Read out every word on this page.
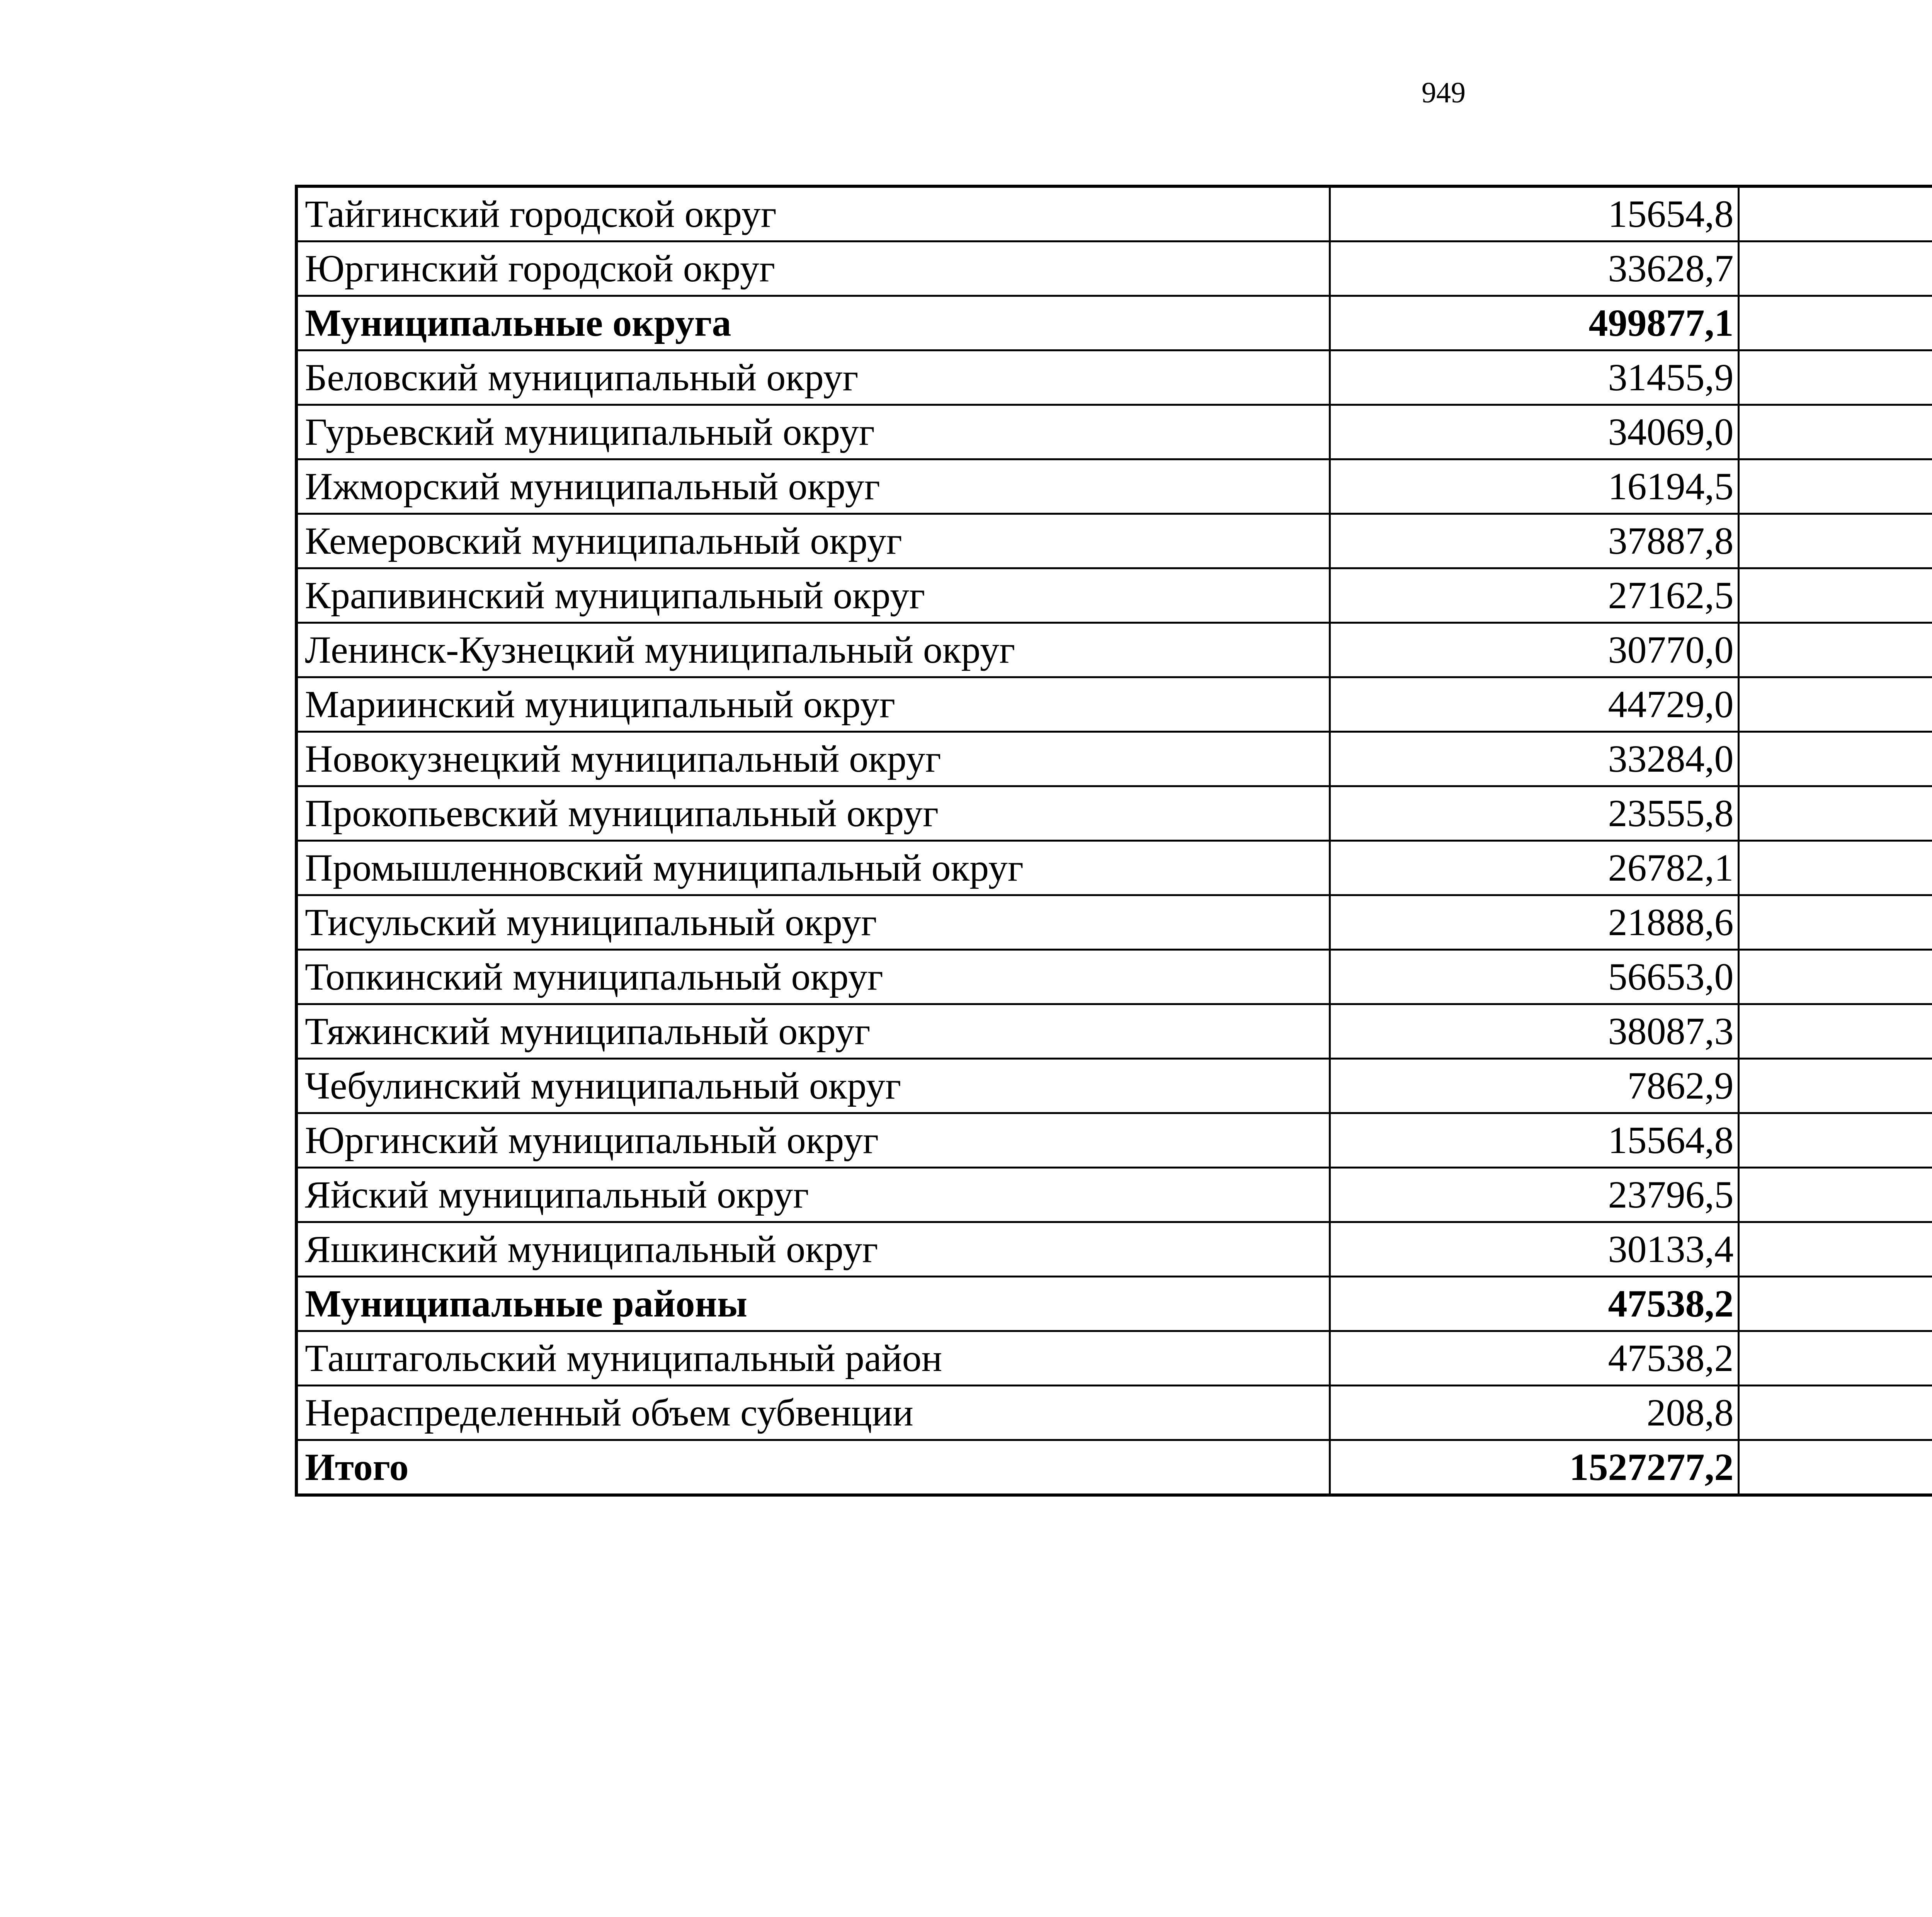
949
Тайгинский городской округ	15654,8		
Юргинский городской округ	33628,7		
Муниципальные округа	499877,1		
Беловский муниципальный округ	31455,9		
Гурьевский муниципальный округ	34069,0		
Ижморский муниципальный округ	16194,5		
Кемеровский муниципальный округ	37887,8		
Крапивинский муниципальный округ	27162,5		
Ленинск-Кузнецкий муниципальный округ	30770,0		
Мариинский муниципальный округ	44729,0		
Новокузнецкий муниципальный округ	33284,0		
Прокопьевский муниципальный округ	23555,8		
Промышленновский муниципальный округ	26782,1		
Тисульский муниципальный округ	21888,6		
Топкинский муниципальный округ	56653,0		
Тяжинский муниципальный округ	38087,3		
Чебулинский муниципальный округ	7862,9		
Юргинский муниципальный округ	15564,8		
Яйский муниципальный округ	23796,5		
Яшкинский муниципальный округ	30133,4		
Муниципальные районы	47538,2		
Таштагольский муниципальный район	47538,2		
Нераспределенный объем субвенции	208,8		
Итого	1527277,2		
